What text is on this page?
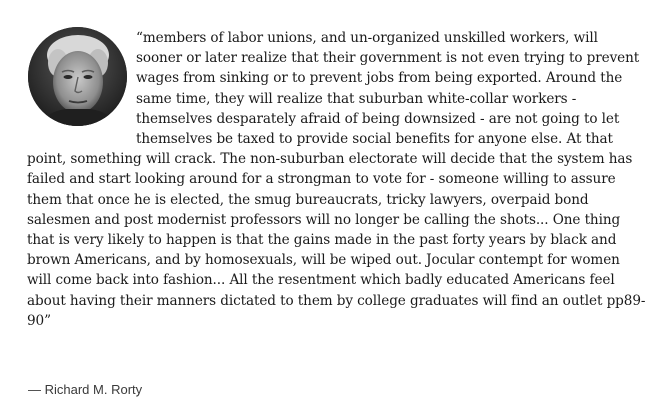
“members of labor unions, and un-organized unskilled workers, will sooner or later realize that their government is not even trying to prevent wages from sinking or to prevent jobs from being exported. Around the same time, they will realize that suburban white-collar workers - themselves desparately afraid of being downsized - are not going to let themselves be taxed to provide social benefits for anyone else. At that point, something will crack. The non-suburban electorate will decide that the system has failed and start looking around for a strongman to vote for - someone willing to assure them that once he is elected, the smug bureaucrats, tricky lawyers, overpaid bond salesmen and post modernist professors will no longer be calling the shots... One thing that is very likely to happen is that the gains made in the past forty years by black and brown Americans, and by homosexuals, will be wiped out. Jocular contempt for women will come back into fashion... All the resentment which badly educated Americans feel about having their manners dictated to them by college graduates will find an outlet pp89-90”

— Richard M. Rorty
